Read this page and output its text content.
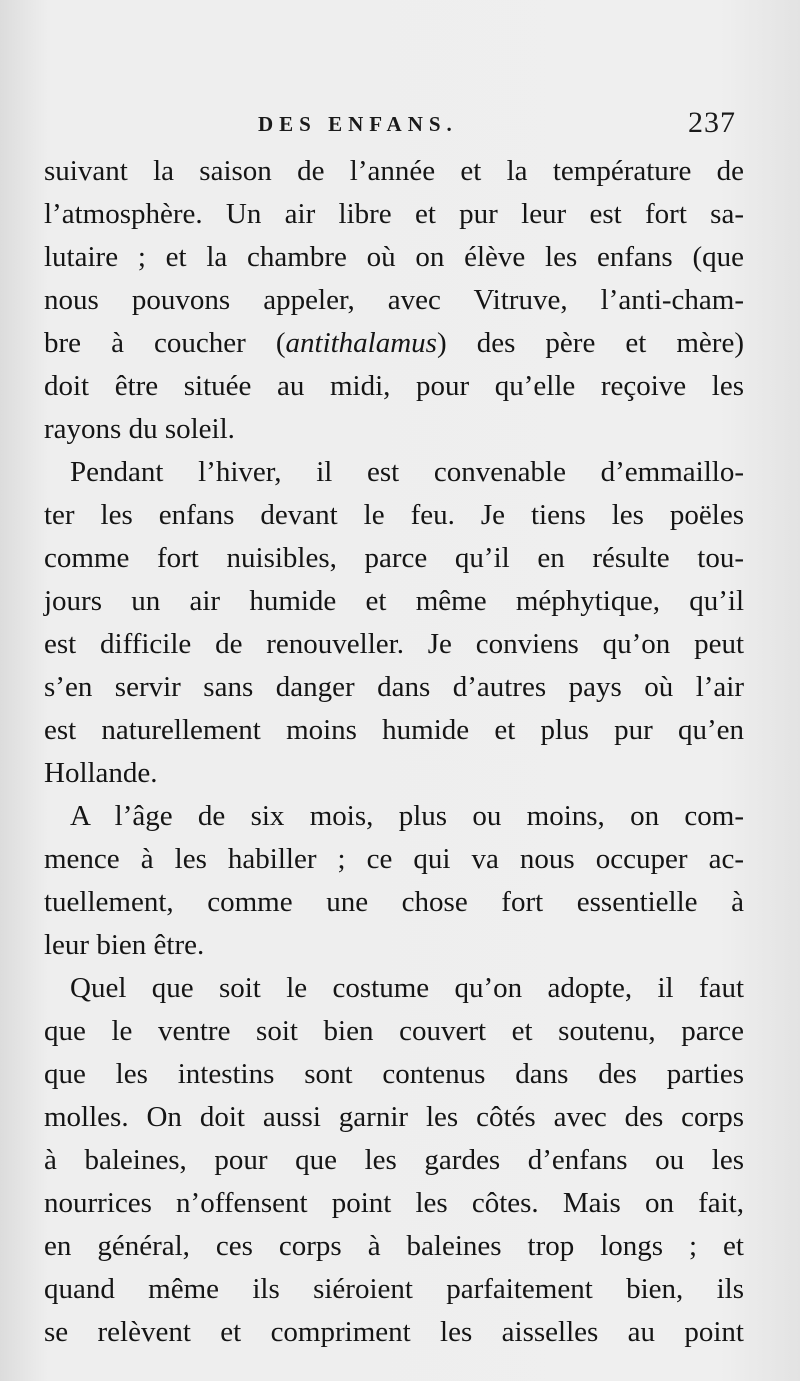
DES ENFANS.	237
suivant la saison de l’année et la température de
l’atmosphère. Un air libre et pur leur est fort sa-
lutaire ; et la chambre où on élève les enfans (que
nous pouvons appeler, avec Vitruve, l’anti-cham-
bre à coucher (antithalamus) des père et mère)
doit être située au midi, pour qu’elle reçoive les
rayons du soleil.
Pendant l’hiver, il est convenable d’emmaillo-
ter les enfans devant le feu. Je tiens les poëles
comme fort nuisibles, parce qu’il en résulte tou-
jours un air humide et même méphytique, qu’il
est difficile de renouveller. Je conviens qu’on peut
s’en servir sans danger dans d’autres pays où l’air
est naturellement moins humide et plus pur qu’en
Hollande.
A l’âge de six mois, plus ou moins, on com-
mence à les habiller ; ce qui va nous occuper ac-
tuellement, comme une chose fort essentielle à
leur bien être.
Quel que soit le costume qu’on adopte, il faut
que le ventre soit bien couvert et soutenu, parce
que les intestins sont contenus dans des parties
molles. On doit aussi garnir les côtés avec des corps
à baleines, pour que les gardes d’enfans ou les
nourrices n’offensent point les côtes. Mais on fait,
en général, ces corps à baleines trop longs ; et
quand même ils siéroient parfaitement bien, ils
se relèvent et compriment les aisselles au point
